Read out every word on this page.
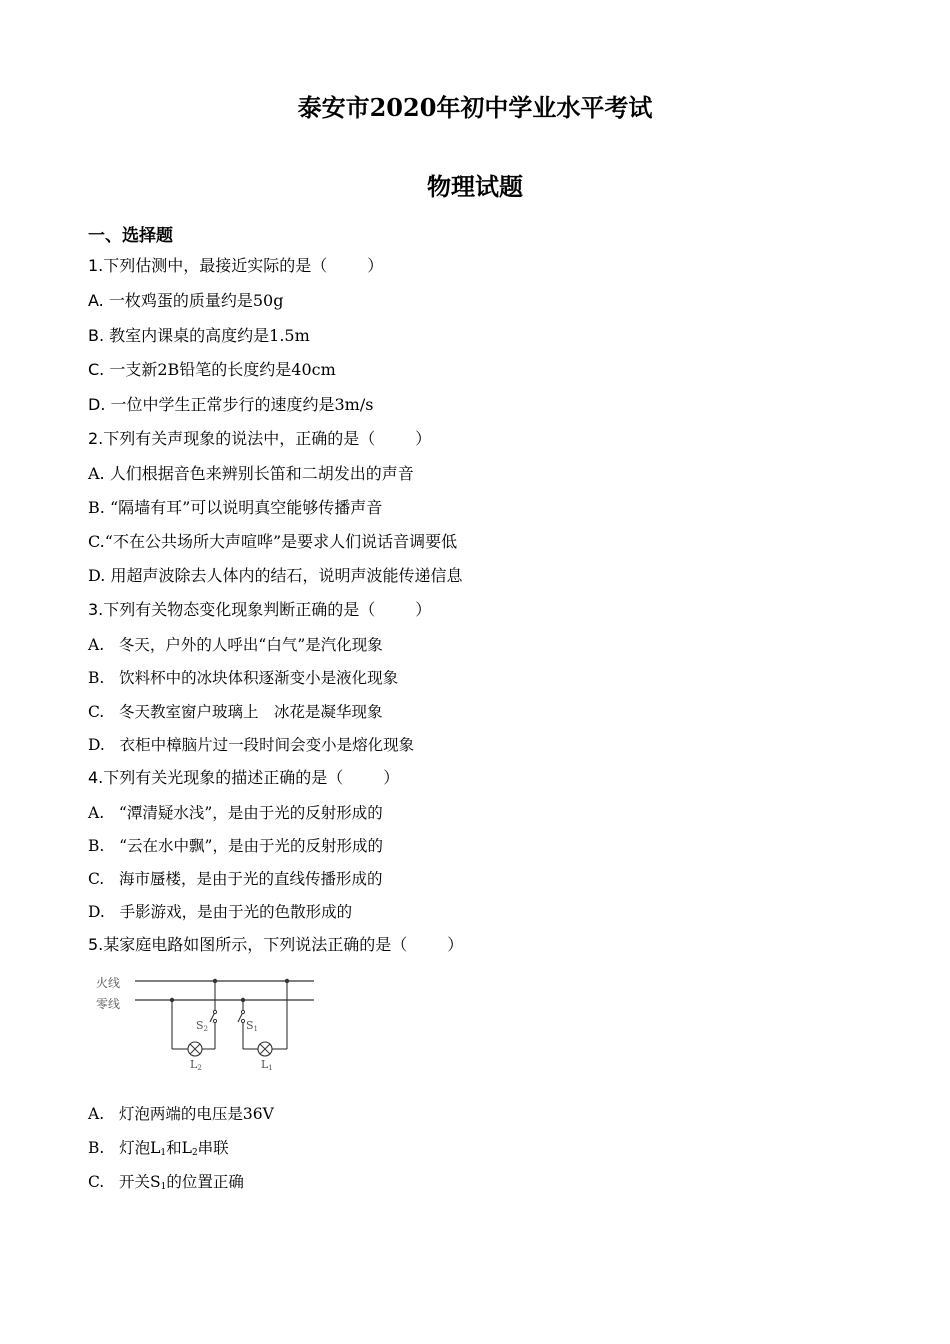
泰安市2020年初中学业水平考试
物理试题
一、选择题
1.下列估测中，最接近实际的是（	）
A. 一枚鸡蛋的质量约是50g
B. 教室内课桌的高度约是1.5m
C. 一支新2B铅笔的长度约是40cm
D. 一位中学生正常步行的速度约是3m/s
2.下列有关声现象的说法中，正确的是（	）
A. 人们根据音色来辨别长笛和二胡发出的声音
B. “隔墙有耳”可以说明真空能够传播声音
C.“不在公共场所大声喧哗”是要求人们说话音调要低
D. 用超声波除去人体内的结石，说明声波能传递信息
3.下列有关物态变化现象判断正确的是（	）
A. 冬天，户外的人呼出“白气”是汽化现象
B. 饮料杯中的冰块体积逐渐变小是液化现象
C. 冬天教室窗户玻璃上　冰花是凝华现象
D. 衣柜中樟脑片过一段时间会变小是熔化现象
4.下列有关光现象的描述正确的是（	）
A. “潭清疑水浅”，是由于光的反射形成的
B. “云在水中飘”，是由于光的反射形成的
C. 海市蜃楼，是由于光的直线传播形成的
D. 手影游戏，是由于光的色散形成的
5.某家庭电路如图所示，下列说法正确的是（	）
火线
零线
S2
L2
S1
L1
A. 灯泡两端的电压是36V
B. 灯泡$L_1$和$L_2$串联
C. 开关$S_1$的位置正确
